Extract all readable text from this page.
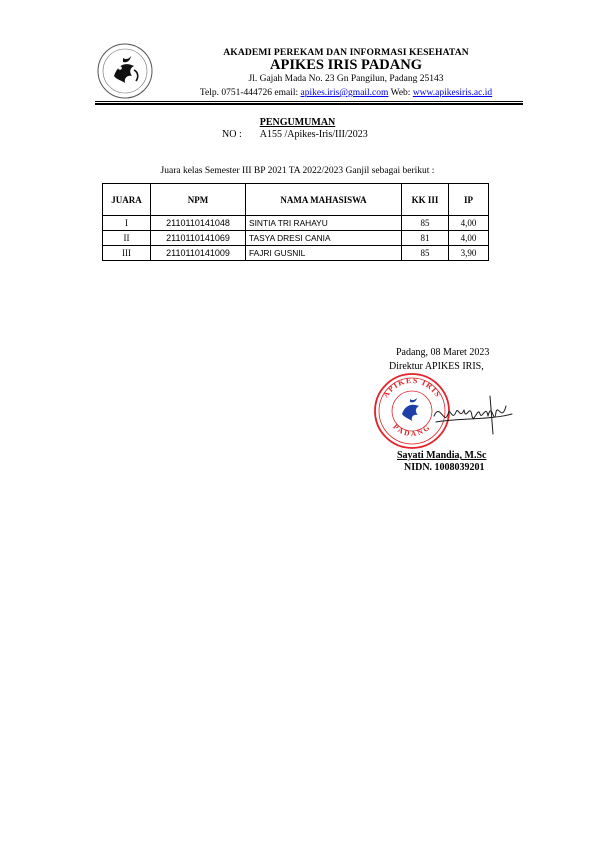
AKADEMI PEREKAM DAN INFORMASI KESEHATAN
APIKES IRIS PADANG
Jl. Gajah Mada No. 23 Gn Pangilun, Padang 25143
Telp. 0751-444726 email: apikes.iris@gmail.com Web: www.apikesiris.ac.id
PENGUMUMAN
NO : A155 /Apikes-Iris/III/2023
Juara kelas Semester III BP 2021 TA 2022/2023 Ganjil sebagai berikut :
JUARA	NPM	NAMA MAHASISWA	KK III	IP
I	2110110141048	SINTIA TRI RAHAYU	85	4,00
II	2110110141069	TASYA DRESI CANIA	81	4,00
III	2110110141009	FAJRI GUSNIL	85	3,90
Padang, 08 Maret 2023
Direktur APIKES IRIS,
APIKES IRIS
PADANG
Sayati Mandia, M.Sc
NIDN. 1008039201
